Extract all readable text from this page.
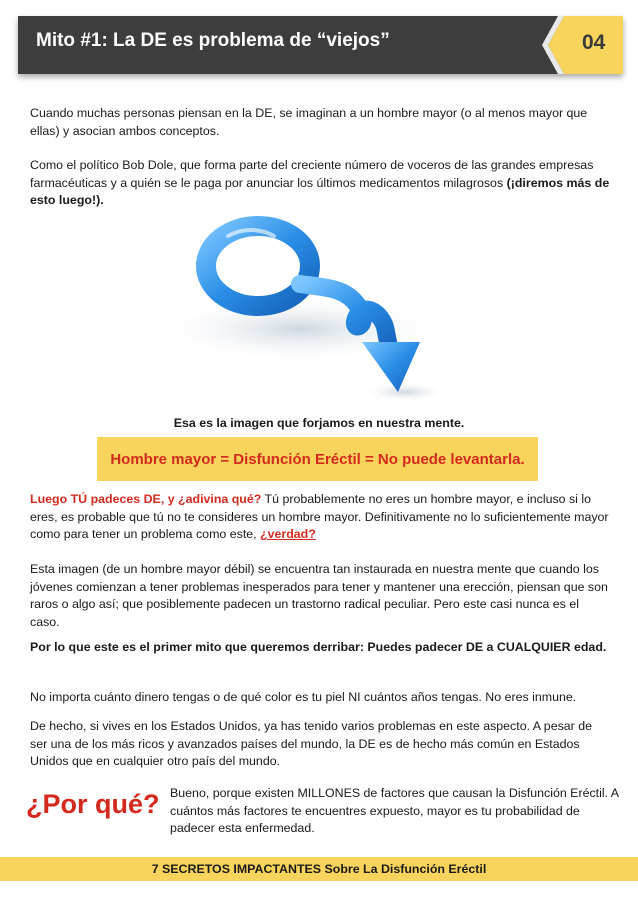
Mito #1: La DE es problema de “viejos”	04

Cuando muchas personas piensan en la DE, se imaginan a un hombre mayor (o al menos mayor que ellas) y asocian ambos conceptos.

Como el político Bob Dole, que forma parte del creciente número de voceros de las grandes empresas farmacéuticas y a quién se le paga por anunciar los últimos medicamentos milagrosos (¡diremos más de esto luego!).

Esa es la imagen que forjamos en nuestra mente.
Hombre mayor = Disfunción Eréctil = No puede levantarla.

Luego TÚ padeces DE, y ¿adivina qué? Tú probablemente no eres un hombre mayor, e incluso si lo eres, es probable que tú no te consideres un hombre mayor. Definitivamente no lo suficientemente mayor como para tener un problema como este, ¿verdad?

Esta imagen (de un hombre mayor débil) se encuentra tan instaurada en nuestra mente que cuando los jóvenes comienzan a tener problemas inesperados para tener y mantener una erección, piensan que son raros o algo así; que posiblemente padecen un trastorno radical peculiar. Pero este casi nunca es el caso.

Por lo que este es el primer mito que queremos derribar: Puedes padecer DE a CUALQUIER edad.

No importa cuánto dinero tengas o de qué color es tu piel NI cuántos años tengas. No eres inmune.

De hecho, si vives en los Estados Unidos, ya has tenido varios problemas en este aspecto. A pesar de ser una de los más ricos y avanzados países del mundo, la DE es de hecho más común en Estados Unidos que en cualquier otro país del mundo.

¿Por qué? Bueno, porque existen MILLONES de factores que causan la Disfunción Eréctil. A cuántos más factores te encuentres expuesto, mayor es tu probabilidad de padecer esta enfermedad.

7 SECRETOS IMPACTANTES Sobre La Disfunción Eréctil
